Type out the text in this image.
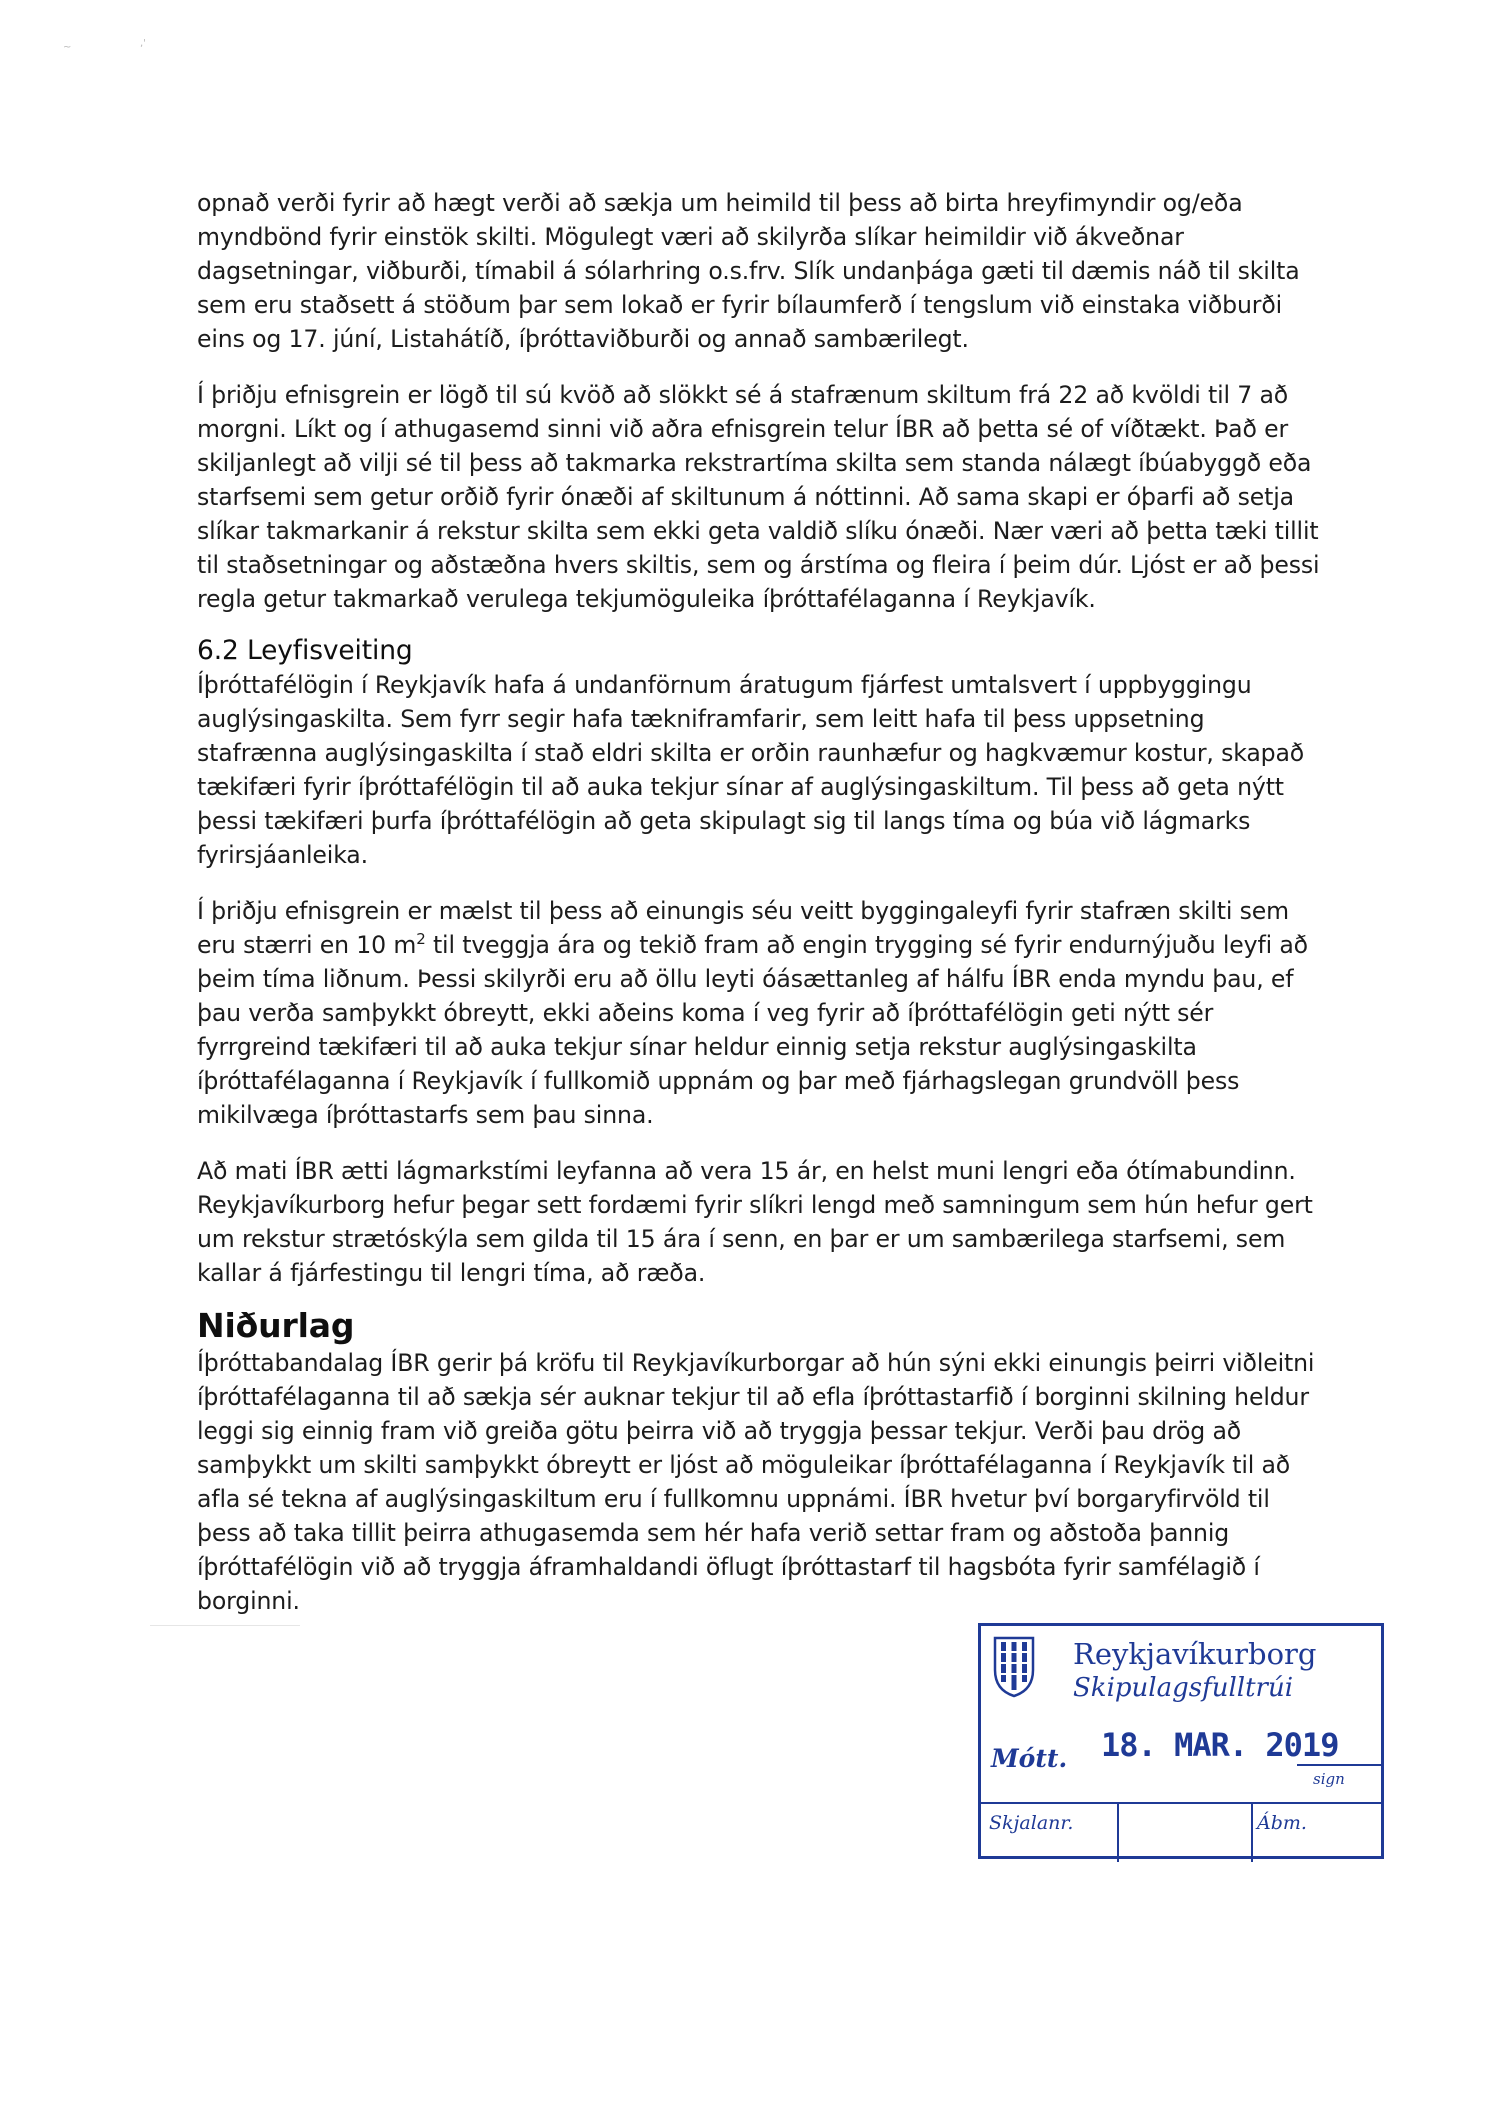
~	,'

opnað verði fyrir að hægt verði að sækja um heimild til þess að birta hreyfimyndir og/eða myndbönd fyrir einstök skilti. Mögulegt væri að skilyrða slíkar heimildir við ákveðnar dagsetningar, viðburði, tímabil á sólarhring o.s.frv. Slík undanþága gæti til dæmis náð til skilta sem eru staðsett á stöðum þar sem lokað er fyrir bílaumferð í tengslum við einstaka viðburði eins og 17. júní, Listahátíð, íþróttaviðburði og annað sambærilegt.

Í þriðju efnisgrein er lögð til sú kvöð að slökkt sé á stafrænum skiltum frá 22 að kvöldi til 7 að morgni. Líkt og í athugasemd sinni við aðra efnisgrein telur ÍBR að þetta sé of víðtækt. Það er skiljanlegt að vilji sé til þess að takmarka rekstrartíma skilta sem standa nálægt íbúabyggð eða starfsemi sem getur orðið fyrir ónæði af skiltunum á nóttinni. Að sama skapi er óþarfi að setja slíkar takmarkanir á rekstur skilta sem ekki geta valdið slíku ónæði. Nær væri að þetta tæki tillit til staðsetningar og aðstæðna hvers skiltis, sem og árstíma og fleira í þeim dúr. Ljóst er að þessi regla getur takmarkað verulega tekjumöguleika íþróttafélaganna í Reykjavík.

6.2 Leyfisveiting

Íþróttafélögin í Reykjavík hafa á undanförnum áratugum fjárfest umtalsvert í uppbyggingu auglýsingaskilta. Sem fyrr segir hafa tækniframfarir, sem leitt hafa til þess uppsetning stafrænna auglýsingaskilta í stað eldri skilta er orðin raunhæfur og hagkvæmur kostur, skapað tækifæri fyrir íþróttafélögin til að auka tekjur sínar af auglýsingaskiltum. Til þess að geta nýtt þessi tækifæri þurfa íþróttafélögin að geta skipulagt sig til langs tíma og búa við lágmarks fyrirsjáanleika.

Í þriðju efnisgrein er mælst til þess að einungis séu veitt byggingaleyfi fyrir stafræn skilti sem eru stærri en 10 $m^2$ til tveggja ára og tekið fram að engin trygging sé fyrir endurnýjuðu leyfi að þeim tíma liðnum. Þessi skilyrði eru að öllu leyti óásættanleg af hálfu ÍBR enda myndu þau, ef þau verða samþykkt óbreytt, ekki aðeins koma í veg fyrir að íþróttafélögin geti nýtt sér fyrrgreind tækifæri til að auka tekjur sínar heldur einnig setja rekstur auglýsingaskilta íþróttafélaganna í Reykjavík í fullkomið uppnám og þar með fjárhagslegan grundvöll þess mikilvæga íþróttastarfs sem þau sinna.

Að mati ÍBR ætti lágmarkstími leyfanna að vera 15 ár, en helst muni lengri eða ótímabundinn. Reykjavíkurborg hefur þegar sett fordæmi fyrir slíkri lengd með samningum sem hún hefur gert um rekstur strætóskýla sem gilda til 15 ára í senn, en þar er um sambærilega starfsemi, sem kallar á fjárfestingu til lengri tíma, að ræða.

Niðurlag

Íþróttabandalag ÍBR gerir þá kröfu til Reykjavíkurborgar að hún sýni ekki einungis þeirri viðleitni íþróttafélaganna til að sækja sér auknar tekjur til að efla íþróttastarfið í borginni skilning heldur leggi sig einnig fram við greiða götu þeirra við að tryggja þessar tekjur. Verði þau drög að samþykkt um skilti samþykkt óbreytt er ljóst að möguleikar íþróttafélaganna í Reykjavík til að afla sé tekna af auglýsingaskiltum eru í fullkomnu uppnámi. ÍBR hvetur því borgaryfirvöld til þess að taka tillit þeirra athugasemda sem hér hafa verið settar fram og aðstoða þannig íþróttafélögin við að tryggja áframhaldandi öflugt íþróttastarf til hagsbóta fyrir samfélagið í borginni.

Reykjavíkurborg
Skipulagsfulltrúi
Mótt. 18. MAR. 2019
sign
Skjalanr.	Ábm.
